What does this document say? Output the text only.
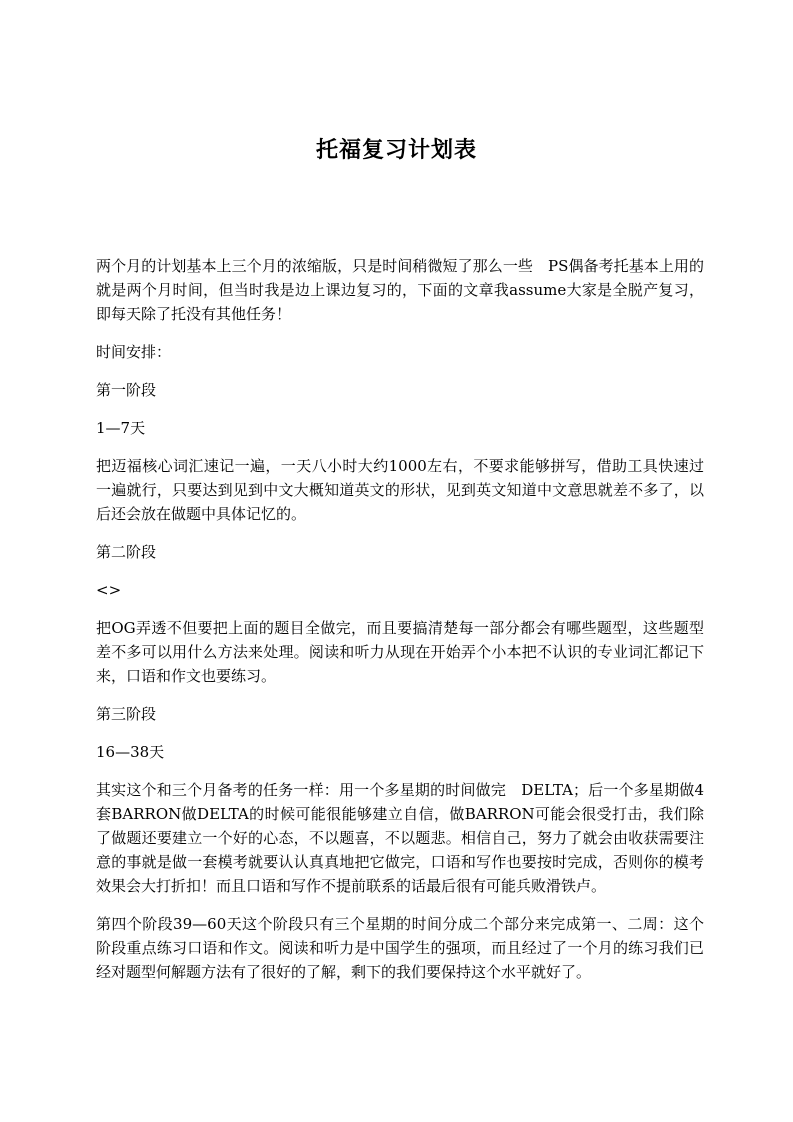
托福复习计划表

两个月的计划基本上三个月的浓缩版，只是时间稍微短了那么一些　PS偶备考托基本上用的就是两个月时间，但当时我是边上课边复习的，下面的文章我assume大家是全脱产复习，即每天除了托没有其他任务！

时间安排：

第一阶段

1—7天

把迈福核心词汇速记一遍，一天八小时大约1000左右，不要求能够拼写，借助工具快速过一遍就行，只要达到见到中文大概知道英文的形状，见到英文知道中文意思就差不多了，以后还会放在做题中具体记忆的。

第二阶段

<>

把OG弄透不但要把上面的题目全做完，而且要搞清楚每一部分都会有哪些题型，这些题型差不多可以用什么方法来处理。阅读和听力从现在开始弄个小本把不认识的专业词汇都记下来，口语和作文也要练习。

第三阶段

16—38天

其实这个和三个月备考的任务一样：用一个多星期的时间做完　DELTA；后一个多星期做4套BARRON做DELTA的时候可能很能够建立自信，做BARRON可能会很受打击，我们除了做题还要建立一个好的心态，不以题喜，不以题悲。相信自己，努力了就会由收获需要注意的事就是做一套模考就要认认真真地把它做完，口语和写作也要按时完成，否则你的模考效果会大打折扣！而且口语和写作不提前联系的话最后很有可能兵败滑铁卢。

第四个阶段39—60天这个阶段只有三个星期的时间分成二个部分来完成第一、二周：这个阶段重点练习口语和作文。阅读和听力是中国学生的强项，而且经过了一个月的练习我们已经对题型何解题方法有了很好的了解，剩下的我们要保持这个水平就好了。
